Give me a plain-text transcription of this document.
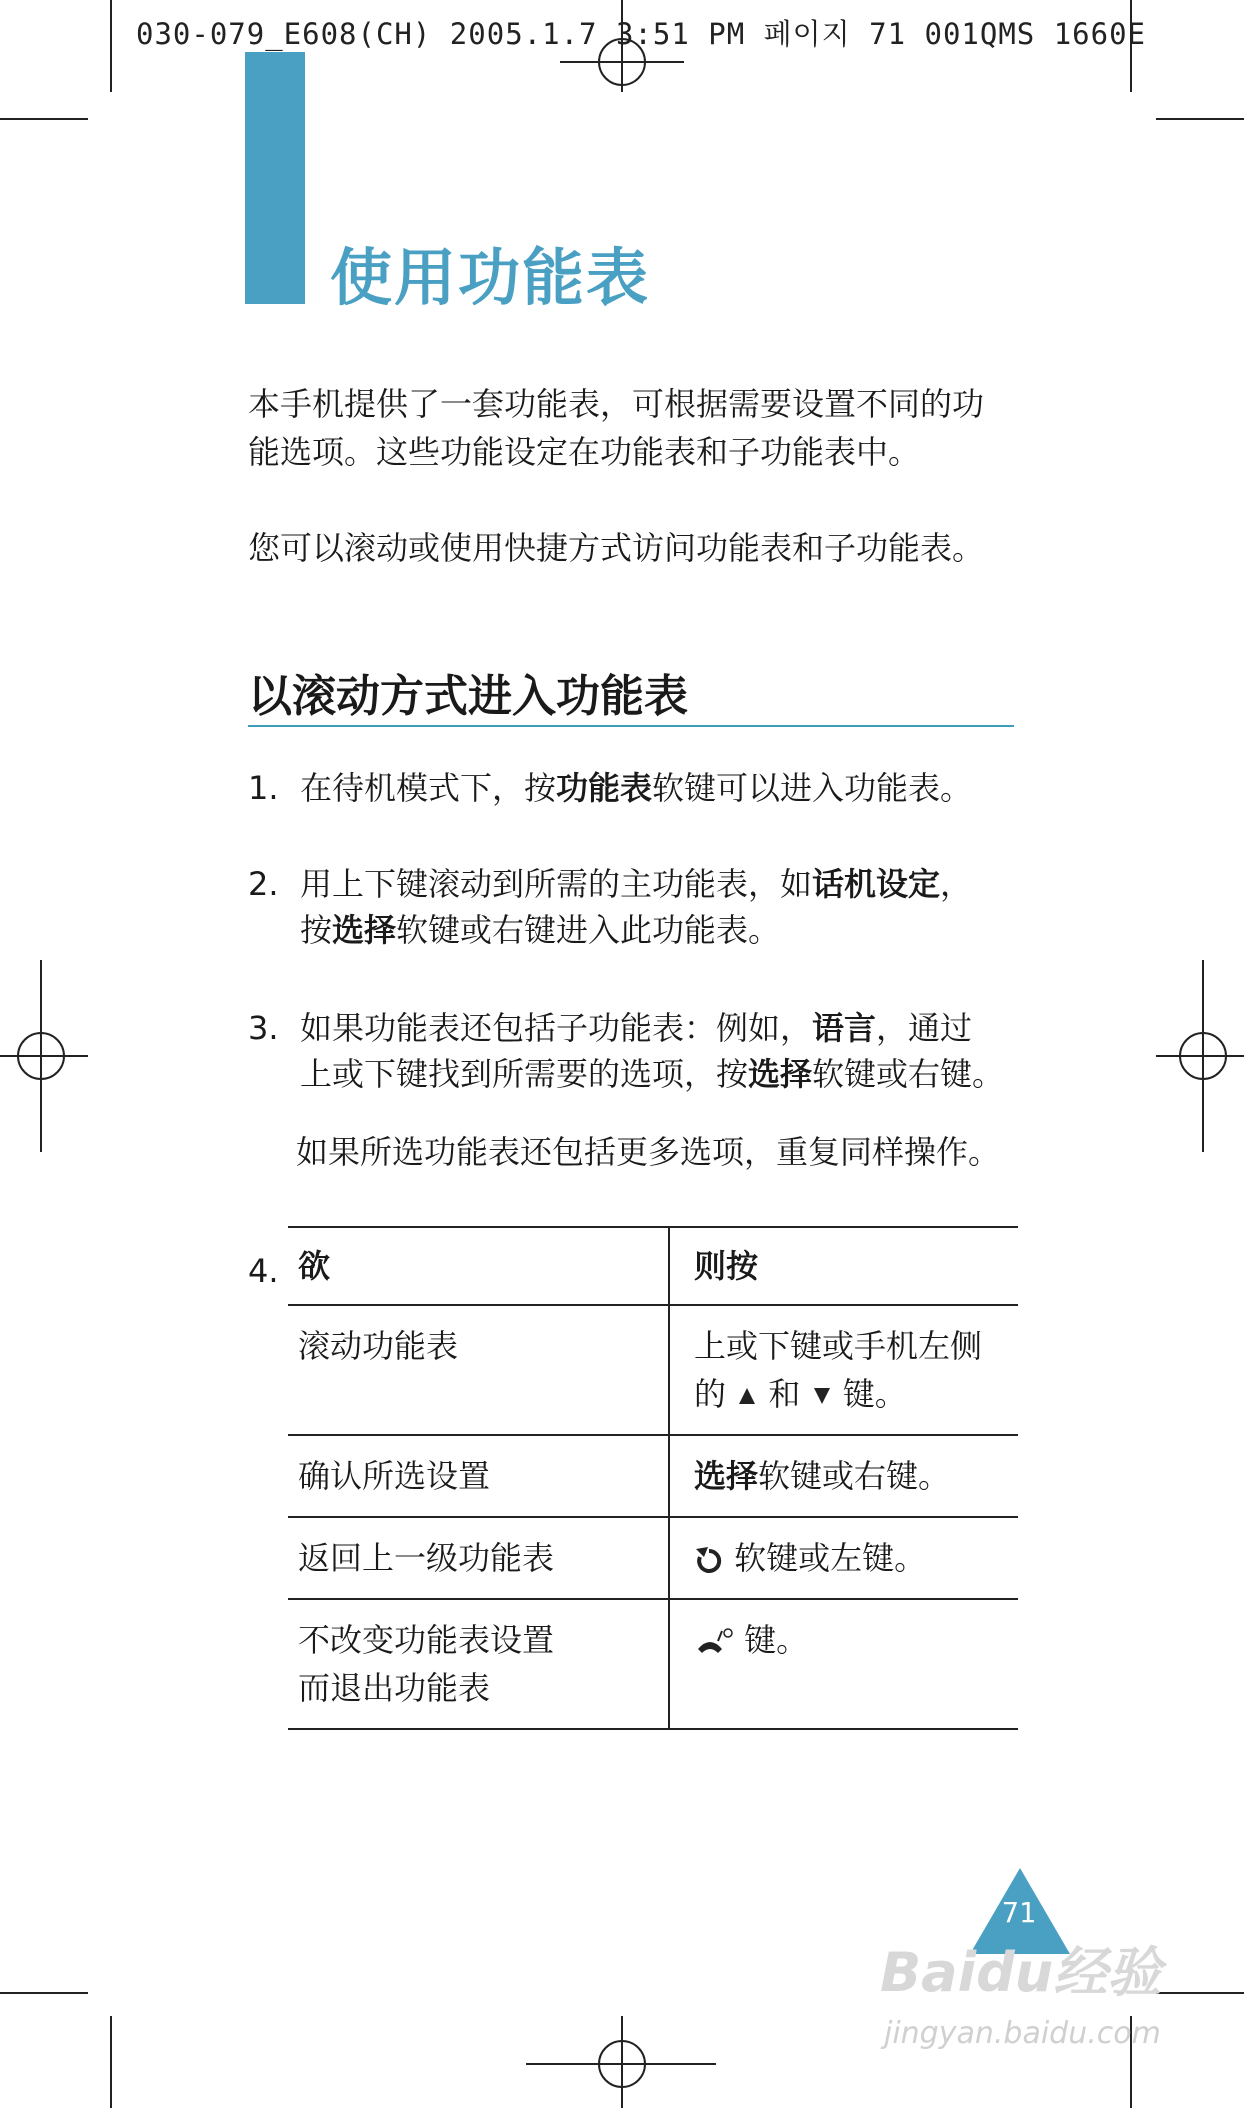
030-079_E608(CH) 2005.1.7 3:51 PM 페이지 71 001QMS 1660E
使用功能表
本手机提供了一套功能表，可根据需要设置不同的功
能选项。这些功能设定在功能表和子功能表中。
您可以滚动或使用快捷方式访问功能表和子功能表。
以滚动方式进入功能表
1. 在待机模式下，按功能表软键可以进入功能表。
2. 用上下键滚动到所需的主功能表，如话机设定，
按选择软键或右键进入此功能表。
3. 如果功能表还包括子功能表：例如，语言，通过
上或下键找到所需要的选项，按选择软键或右键。
如果所选功能表还包括更多选项，重复同样操作。
4. 欲	则按
滚动功能表	上或下键或手机左侧
的 和 键。

确认所选设置	选择软键或右键。
返回上一级功能表	软键或左键。

不改变功能表设置
而退出功能表	键。
71
Baidu经验
jingyan.baidu.com
